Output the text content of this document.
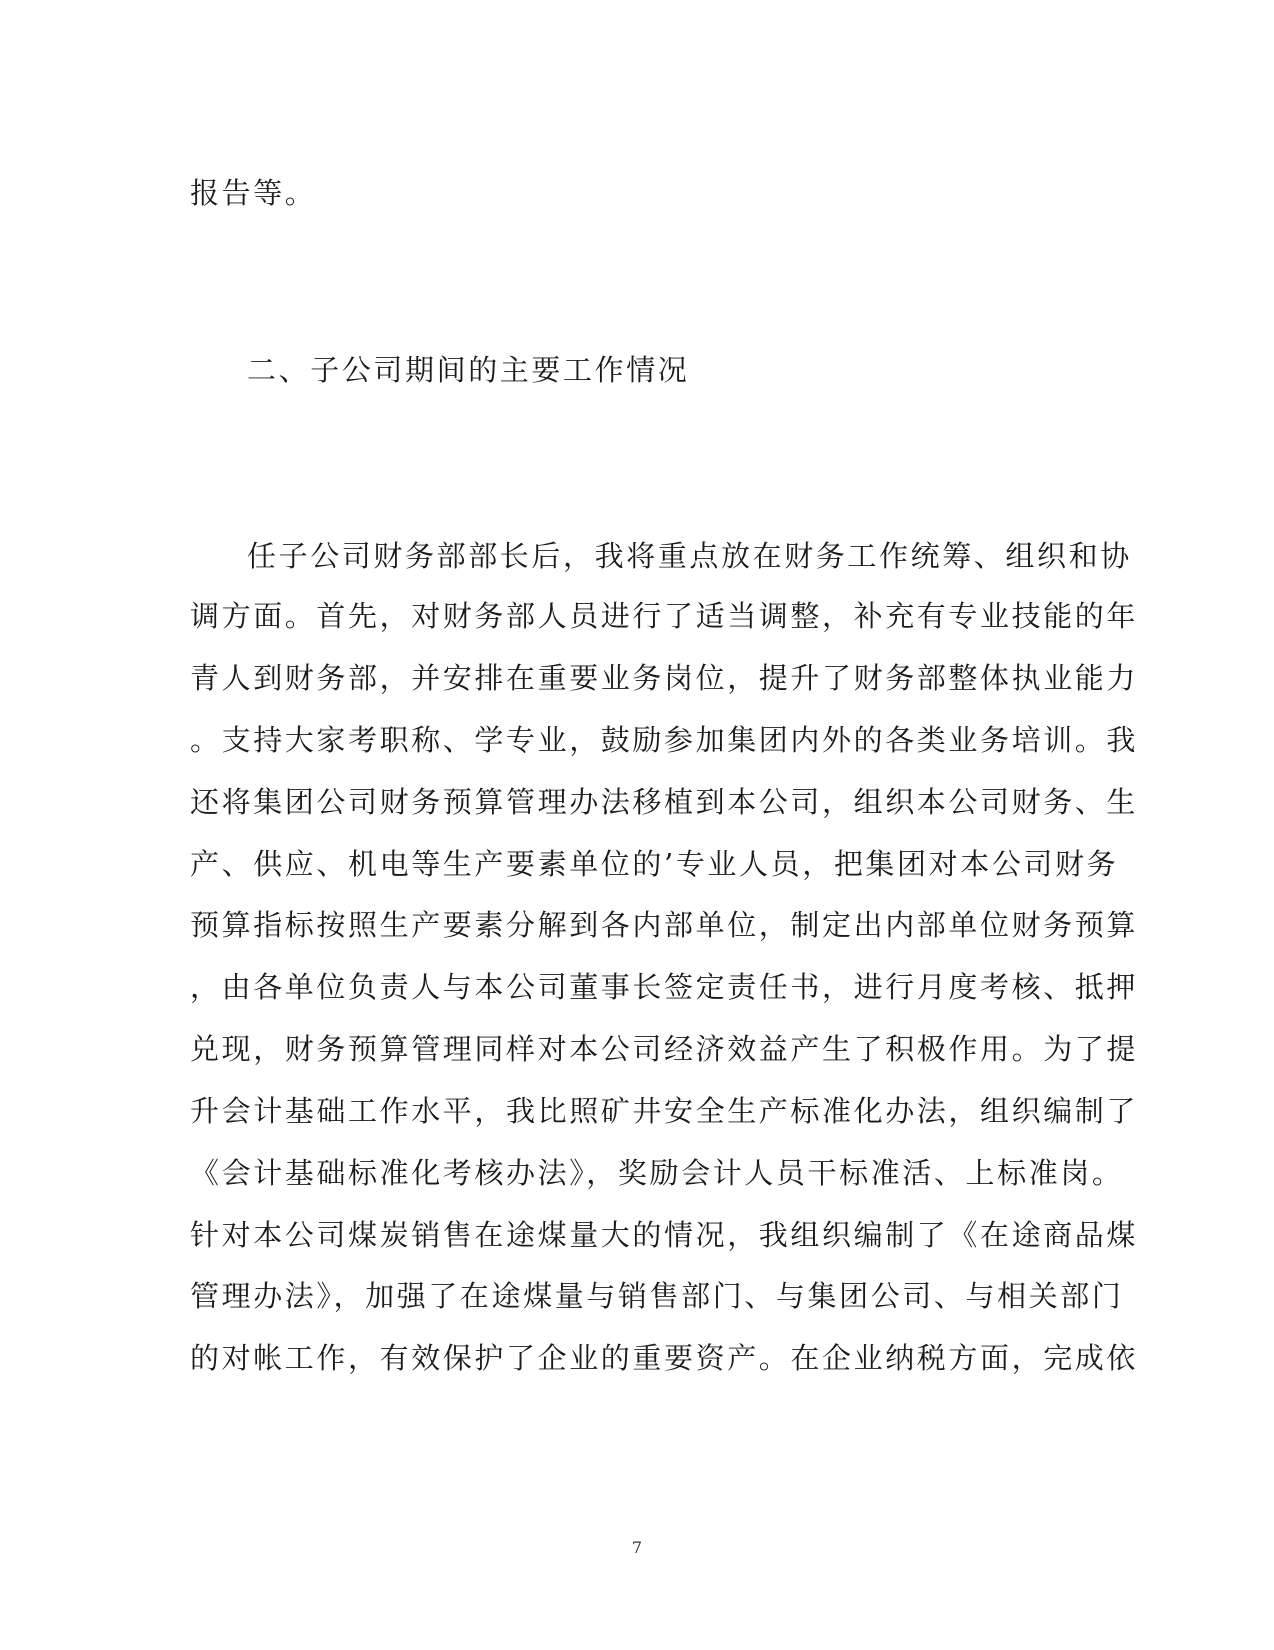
报告等。
二、子公司期间的主要工作情况
任子公司财务部部长后，我将重点放在财务工作统筹、组织和协
调方面。首先，对财务部人员进行了适当调整，补充有专业技能的年
青人到财务部，并安排在重要业务岗位，提升了财务部整体执业能力
。支持大家考职称、学专业，鼓励参加集团内外的各类业务培训。我
还将集团公司财务预算管理办法移植到本公司，组织本公司财务、生
产、供应、机电等生产要素单位的’专业人员，把集团对本公司财务
预算指标按照生产要素分解到各内部单位，制定出内部单位财务预算
，由各单位负责人与本公司董事长签定责任书，进行月度考核、抵押
兑现，财务预算管理同样对本公司经济效益产生了积极作用。为了提
升会计基础工作水平，我比照矿井安全生产标准化办法，组织编制了
《会计基础标准化考核办法》，奖励会计人员干标准活、上标准岗。
针对本公司煤炭销售在途煤量大的情况，我组织编制了《在途商品煤
管理办法》，加强了在途煤量与销售部门、与集团公司、与相关部门
的对帐工作，有效保护了企业的重要资产。在企业纳税方面，完成依
7
